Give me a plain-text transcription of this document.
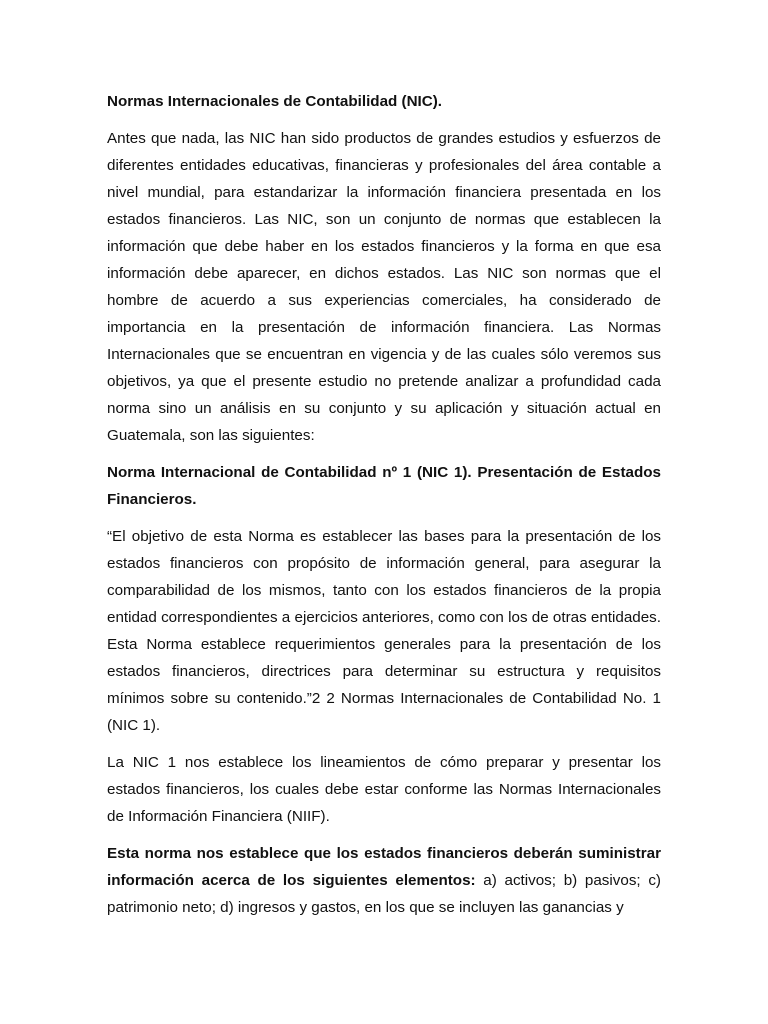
Normas Internacionales de Contabilidad (NIC).

Antes que nada, las NIC han sido productos de grandes estudios y esfuerzos de diferentes entidades educativas, financieras y profesionales del área contable a nivel mundial, para estandarizar la información financiera presentada en los estados financieros. Las NIC, son un conjunto de normas que establecen la información que debe haber en los estados financieros y la forma en que esa información debe aparecer, en dichos estados. Las NIC son normas que el hombre de acuerdo a sus experiencias comerciales, ha considerado de importancia en la presentación de información financiera. Las Normas Internacionales que se encuentran en vigencia y de las cuales sólo veremos sus objetivos, ya que el presente estudio no pretende analizar a profundidad cada norma sino un análisis en su conjunto y su aplicación y situación actual en Guatemala, son las siguientes:

Norma Internacional de Contabilidad nº 1 (NIC 1). Presentación de Estados Financieros.

“El objetivo de esta Norma es establecer las bases para la presentación de los estados financieros con propósito de información general, para asegurar la comparabilidad de los mismos, tanto con los estados financieros de la propia entidad correspondientes a ejercicios anteriores, como con los de otras entidades. Esta Norma establece requerimientos generales para la presentación de los estados financieros, directrices para determinar su estructura y requisitos mínimos sobre su contenido.”2 2 Normas Internacionales de Contabilidad No. 1 (NIC 1).

La NIC 1 nos establece los lineamientos de cómo preparar y presentar los estados financieros, los cuales debe estar conforme las Normas Internacionales de Información Financiera (NIIF).

Esta norma nos establece que los estados financieros deberán suministrar información acerca de los siguientes elementos: a) activos; b) pasivos; c) patrimonio neto; d) ingresos y gastos, en los que se incluyen las ganancias y
